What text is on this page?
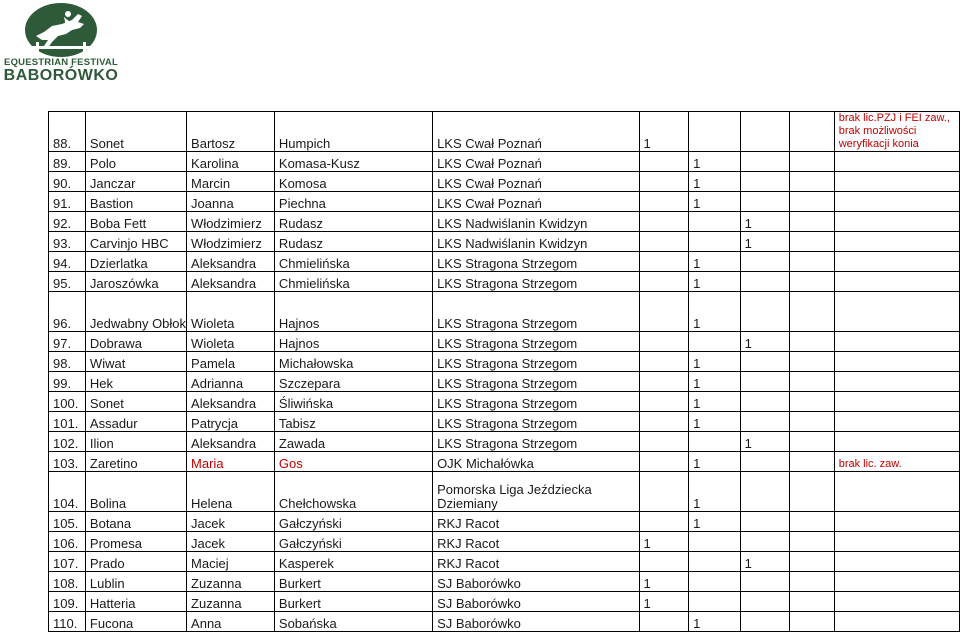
EQUESTRIAN FESTIVAL
BABORÓWKO
88.	Sonet	Bartosz	Humpich	LKS Cwał Poznań	1				brak lic.PZJ i FEI zaw., brak możliwości weryfikacji konia
89.	Polo	Karolina	Komasa-Kusz	LKS Cwał Poznań		1			
90.	Janczar	Marcin	Komosa	LKS Cwał Poznań		1			
91.	Bastion	Joanna	Piechna	LKS Cwał Poznań		1			
92.	Boba Fett	Włodzimierz	Rudasz	LKS Nadwiślanin Kwidzyn			1		
93.	Carvinjo HBC	Włodzimierz	Rudasz	LKS Nadwiślanin Kwidzyn			1		
94.	Dzierlatka	Aleksandra	Chmielińska	LKS Stragona Strzegom		1			
95.	Jaroszówka	Aleksandra	Chmielińska	LKS Stragona Strzegom		1			
96.	Jedwabny Obłok	Wioleta	Hajnos	LKS Stragona Strzegom		1			
97.	Dobrawa	Wioleta	Hajnos	LKS Stragona Strzegom			1		
98.	Wiwat	Pamela	Michałowska	LKS Stragona Strzegom		1			
99.	Hek	Adrianna	Szczepara	LKS Stragona Strzegom		1			
100.	Sonet	Aleksandra	Śliwińska	LKS Stragona Strzegom		1			
101.	Assadur	Patrycja	Tabisz	LKS Stragona Strzegom		1			
102.	Ilion	Aleksandra	Zawada	LKS Stragona Strzegom			1		
103.	Zaretino	Maria	Gos	OJK Michałówka		1			brak lic. zaw.
104.	Bolina	Helena	Chełchowska	Pomorska Liga Jeździecka Dziemiany		1			
105.	Botana	Jacek	Gałczyński	RKJ Racot		1			
106.	Promesa	Jacek	Gałczyński	RKJ Racot	1				
107.	Prado	Maciej	Kasperek	RKJ Racot			1		
108.	Lublin	Zuzanna	Burkert	SJ Baborówko	1				
109.	Hatteria	Zuzanna	Burkert	SJ Baborówko	1				
110.	Fucona	Anna	Sobańska	SJ Baborówko		1			
